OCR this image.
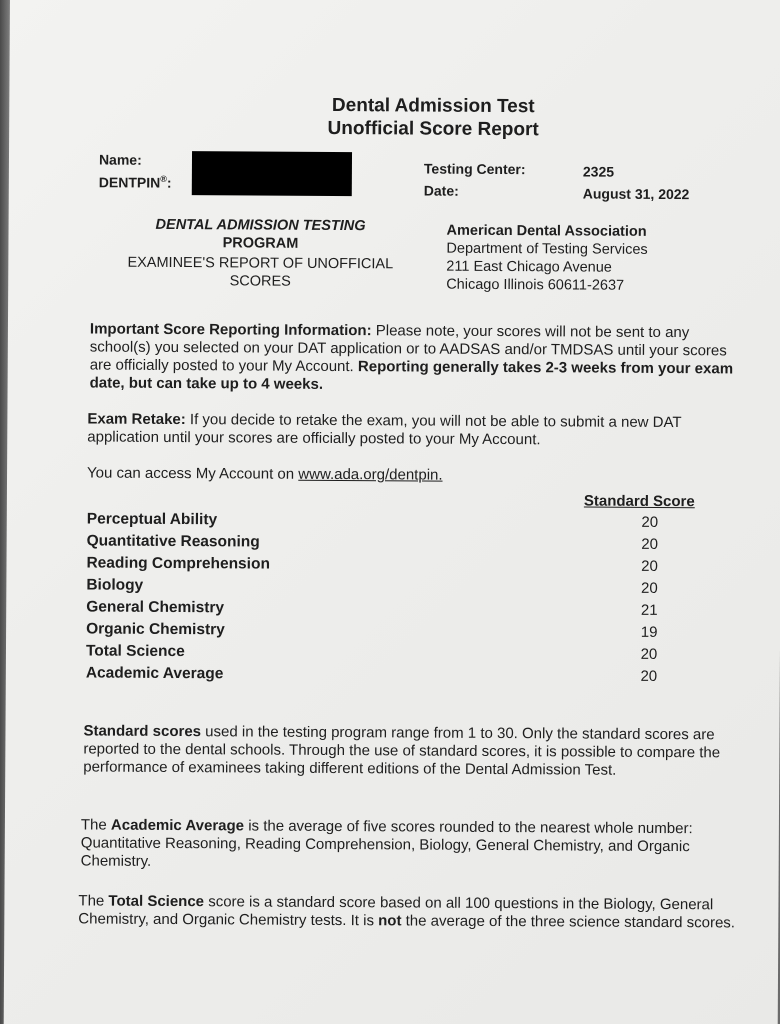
Dental Admission Test
Unofficial Score Report
Name:
DENTPIN®:
Testing Center:	2325
Date:	August 31, 2022
DENTAL ADMISSION TESTING
PROGRAM
EXAMINEE'S REPORT OF UNOFFICIAL
SCORES
American Dental Association
Department of Testing Services
211 East Chicago Avenue
Chicago Illinois 60611-2637
Important Score Reporting Information: Please note, your scores will not be sent to any school(s) you selected on your DAT application or to AADSAS and/or TMDSAS until your scores are officially posted to your My Account. Reporting generally takes 2-3 weeks from your exam date, but can take up to 4 weeks.
Exam Retake: If you decide to retake the exam, you will not be able to submit a new DAT application until your scores are officially posted to your My Account.
You can access My Account on www.ada.org/dentpin.
Standard Score
Perceptual Ability	20
Quantitative Reasoning	20
Reading Comprehension	20
Biology	20
General Chemistry	21
Organic Chemistry	19
Total Science	20
Academic Average	20
Standard scores used in the testing program range from 1 to 30. Only the standard scores are reported to the dental schools. Through the use of standard scores, it is possible to compare the performance of examinees taking different editions of the Dental Admission Test.
The Academic Average is the average of five scores rounded to the nearest whole number: Quantitative Reasoning, Reading Comprehension, Biology, General Chemistry, and Organic Chemistry.
The Total Science score is a standard score based on all 100 questions in the Biology, General Chemistry, and Organic Chemistry tests. It is not the average of the three science standard scores.
